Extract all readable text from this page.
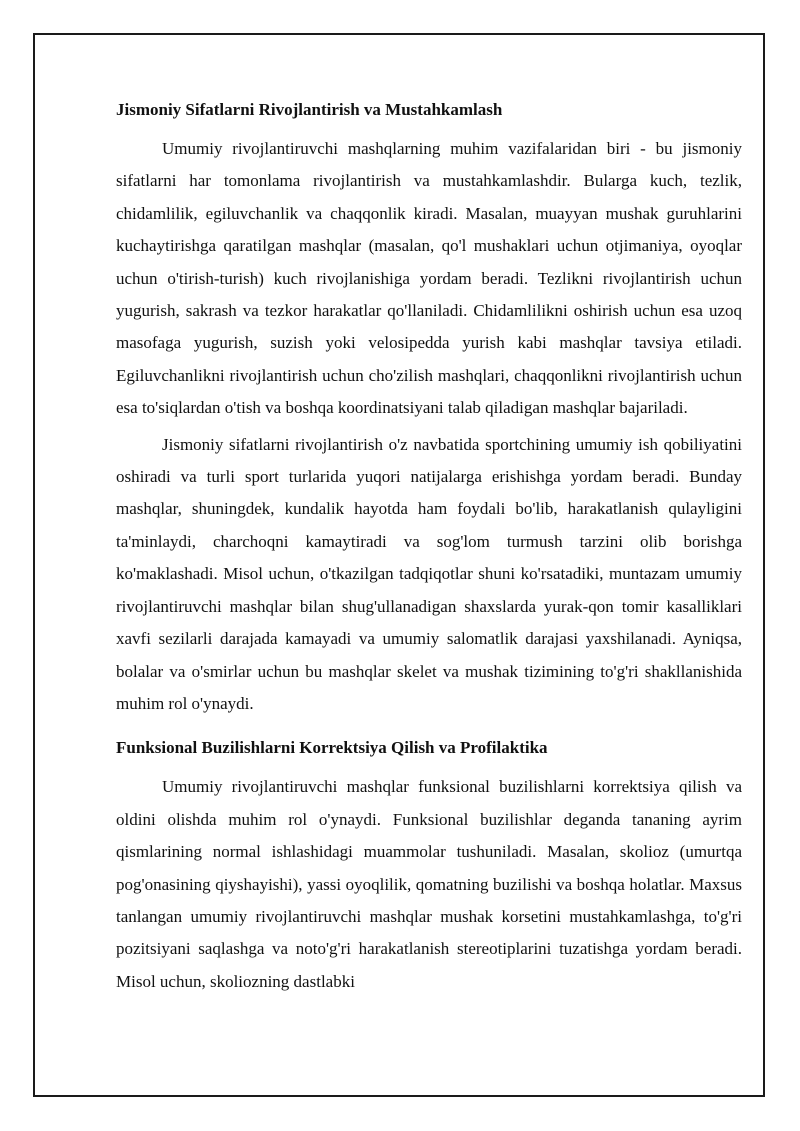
Jismoniy Sifatlarni Rivojlantirish va Mustahkamlash

Umumiy rivojlantiruvchi mashqlarning muhim vazifalaridan biri - bu jismoniy sifatlarni har tomonlama rivojlantirish va mustahkamlashdir. Bularga kuch, tezlik, chidamlilik, egiluvchanlik va chaqqonlik kiradi. Masalan, muayyan mushak guruhlarini kuchaytirishga qaratilgan mashqlar (masalan, qo'l mushaklari uchun otjimaniya, oyoqlar uchun o'tirish-turish) kuch rivojlanishiga yordam beradi. Tezlikni rivojlantirish uchun yugurish, sakrash va tezkor harakatlar qo'llaniladi. Chidamlilikni oshirish uchun esa uzoq masofaga yugurish, suzish yoki velosipedda yurish kabi mashqlar tavsiya etiladi. Egiluvchanlikni rivojlantirish uchun cho'zilish mashqlari, chaqqonlikni rivojlantirish uchun esa to'siqlardan o'tish va boshqa koordinatsiyani talab qiladigan mashqlar bajariladi.

Jismoniy sifatlarni rivojlantirish o'z navbatida sportchining umumiy ish qobiliyatini oshiradi va turli sport turlarida yuqori natijalarga erishishga yordam beradi. Bunday mashqlar, shuningdek, kundalik hayotda ham foydali bo'lib, harakatlanish qulayligini ta'minlaydi, charchoqni kamaytiradi va sog'lom turmush tarzini olib borishga ko'maklashadi. Misol uchun, o'tkazilgan tadqiqotlar shuni ko'rsatadiki, muntazam umumiy rivojlantiruvchi mashqlar bilan shug'ullanadigan shaxslarda yurak-qon tomir kasalliklari xavfi sezilarli darajada kamayadi va umumiy salomatlik darajasi yaxshilanadi. Ayniqsa, bolalar va o'smirlar uchun bu mashqlar skelet va mushak tizimining to'g'ri shakllanishida muhim rol o'ynaydi.

Funksional Buzilishlarni Korrektsiya Qilish va Profilaktika

Umumiy rivojlantiruvchi mashqlar funksional buzilishlarni korrektsiya qilish va oldini olishda muhim rol o'ynaydi. Funksional buzilishlar deganda tananing ayrim qismlarining normal ishlashidagi muammolar tushuniladi. Masalan, skolioz (umurtqa pog'onasining qiyshayishi), yassi oyoqlilik, qomatning buzilishi va boshqa holatlar. Maxsus tanlangan umumiy rivojlantiruvchi mashqlar mushak korsetini mustahkamlashga, to'g'ri pozitsiyani saqlashga va noto'g'ri harakatlanish stereotiplarini tuzatishga yordam beradi. Misol uchun, skoliozning dastlabki
